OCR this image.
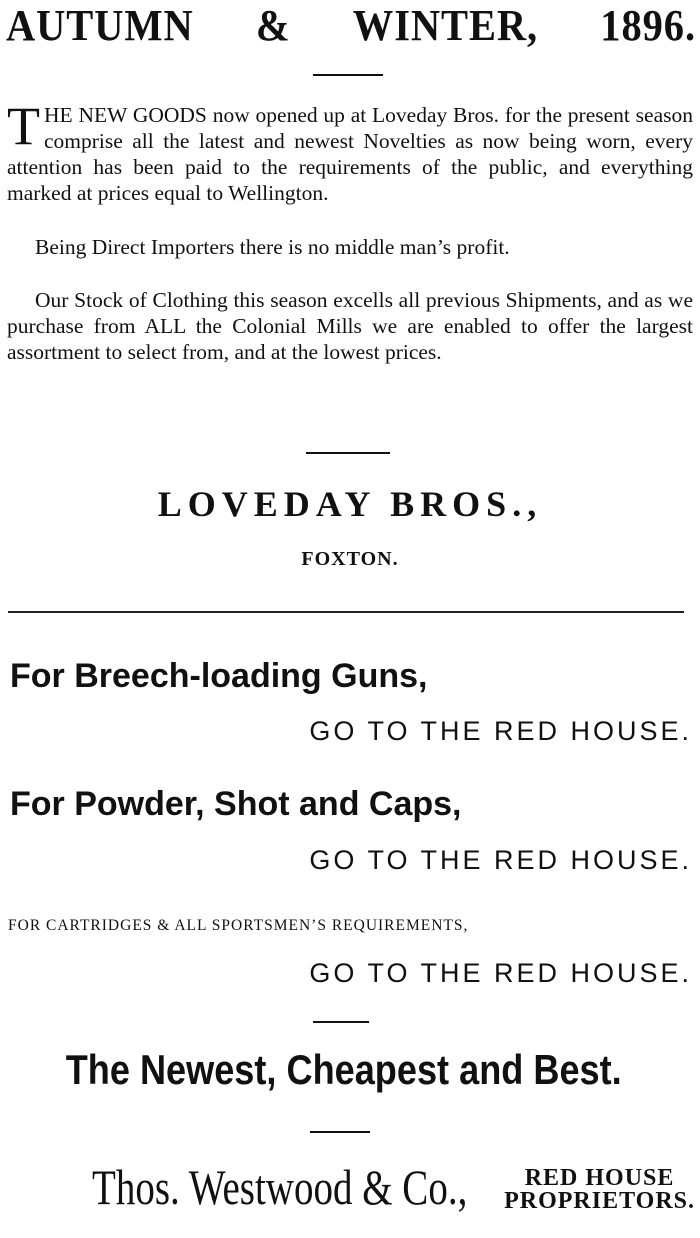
AUTUMN & WINTER, 1896.

THE NEW GOODS now opened up at Loveday Bros. for the present season comprise all the latest and newest Novelties as now being worn, every attention has been paid to the requirements of the public, and everything marked at prices equal to Wellington.

Being Direct Importers there is no middle man’s profit.

Our Stock of Clothing this season excells all previous Shipments, and as we purchase from ALL the Colonial Mills we are enabled to offer the largest assortment to select from, and at the lowest prices.

LOVEDAY BROS.,
FOXTON.
For Breech-loading Guns,
GO TO THE RED HOUSE.
For Powder, Shot and Caps,
GO TO THE RED HOUSE.
FOR CARTRIDGES & ALL SPORTSMEN’S REQUIREMENTS,
GO TO THE RED HOUSE.
The Newest, Cheapest and Best.
Thos. Westwood & Co.,	RED HOUSE
PROPRIETORS.
